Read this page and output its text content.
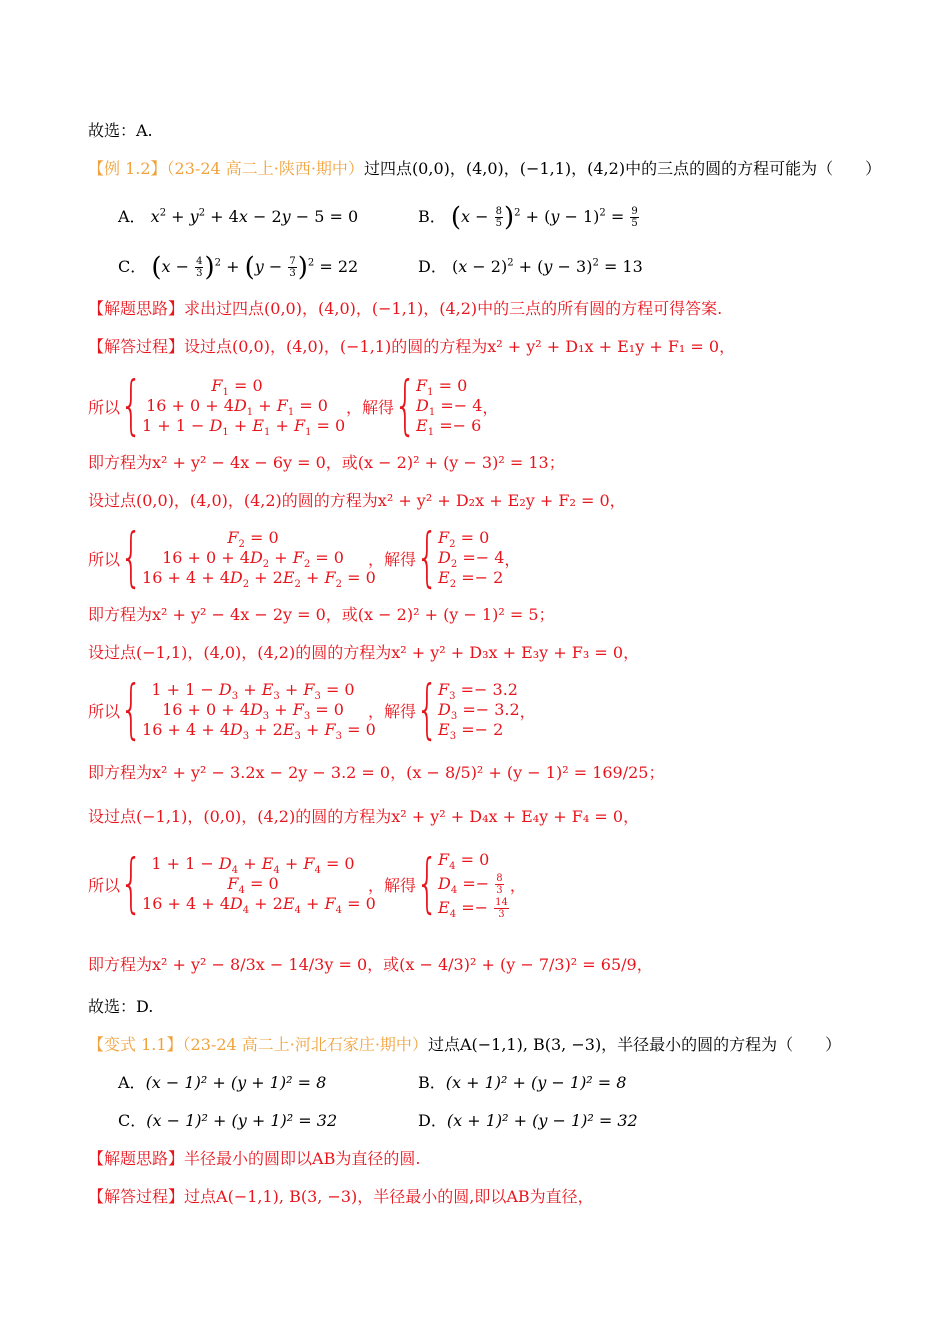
故选：A.
【例 1.2】（23-24 高二上·陕西·期中）过四点(0,0)，(4,0)，(−1,1)，(4,2)中的三点的圆的方程可能为（　　）
A． $x^2 + y^2 + 4x - 2y - 5 = 0$	B． $(x - \frac{8}{5} )^2 + (y - 1)^2 = \frac{9}{5}$
C． $(x - \frac{4}{3} )^2 + (y - \frac{7}{3} )^2 = 22$	D． $(x - 2)^2 + (y - 3)^2 = 13$
【解题思路】求出过四点(0,0)，(4,0)，(−1,1)，(4,2)中的三点的所有圆的方程可得答案.
【解答过程】设过点(0,0)，(4,0)，(−1,1)的圆的方程为x² + y² + D₁x + E₁y + F₁ = 0，
所以 {	$F_1 = 0$
$16 + 0 + 4D_1 + F_1 = 0$
$1 + 1 - D_1 + E_1 + F_1 = 0$
，解得 { $F_1 = 0$
$D_1 =- 4$
$E_1 =- 6$
，
即方程为x² + y² − 4x − 6y = 0，或(x − 2)² + (y − 3)² = 13；
设过点(0,0)，(4,0)，(4,2)的圆的方程为x² + y² + D₂x + E₂y + F₂ = 0，
所以 {	$F_2 = 0$
$16 + 0 + 4D_2 + F_2 = 0$
$16 + 4 + 4D_2 + 2E_2 + F_2 = 0$
，解得 { $F_2 = 0$
$D_2 =- 4$
$E_2 =- 2$
，
即方程为x² + y² − 4x − 2y = 0，或(x − 2)² + (y − 1)² = 5；
设过点(−1,1)，(4,0)，(4,2)的圆的方程为x² + y² + D₃x + E₃y + F₃ = 0，
所以 { $1 + 1 - D_3 + E_3 + F_3 = 0$
$16 + 0 + 4D_3 + F_3 = 0$
$16 + 4 + 4D_3 + 2E_3 + F_3 = 0$
，解得 { $F_3 =- 3.2$
$D_3 =- 3.2$
$E_3 =- 2$
，
即方程为x² + y² − 3.2x − 2y − 3.2 = 0，(x − 8/5)² + (y − 1)² = 169/25；
设过点(−1,1)，(0,0)，(4,2)的圆的方程为x² + y² + D₄x + E₄y + F₄ = 0，
所以 { $1 + 1 - D_4 + E_4 + F_4 = 0$
$F_4 = 0$
$16 + 4 + 4D_4 + 2E_4 + F_4 = 0$
，解得 { $F_4 = 0$
$D_4 =- \frac{8}{3}$
$E_4 =- \frac{14}{3}$
，
即方程为x² + y² − 8/3x − 14/3y = 0，或(x − 4/3)² + (y − 7/3)² = 65/9，
故选：D.
【变式 1.1】（23-24 高二上·河北石家庄·期中）过点A(−1,1), B(3, −3)，半径最小的圆的方程为（　　）
A．(x − 1)² + (y + 1)² = 8	B．(x + 1)² + (y − 1)² = 8
C．(x − 1)² + (y + 1)² = 32	D．(x + 1)² + (y − 1)² = 32
【解题思路】半径最小的圆即以AB为直径的圆.
【解答过程】过点A(−1,1), B(3, −3)，半径最小的圆,即以AB为直径，
